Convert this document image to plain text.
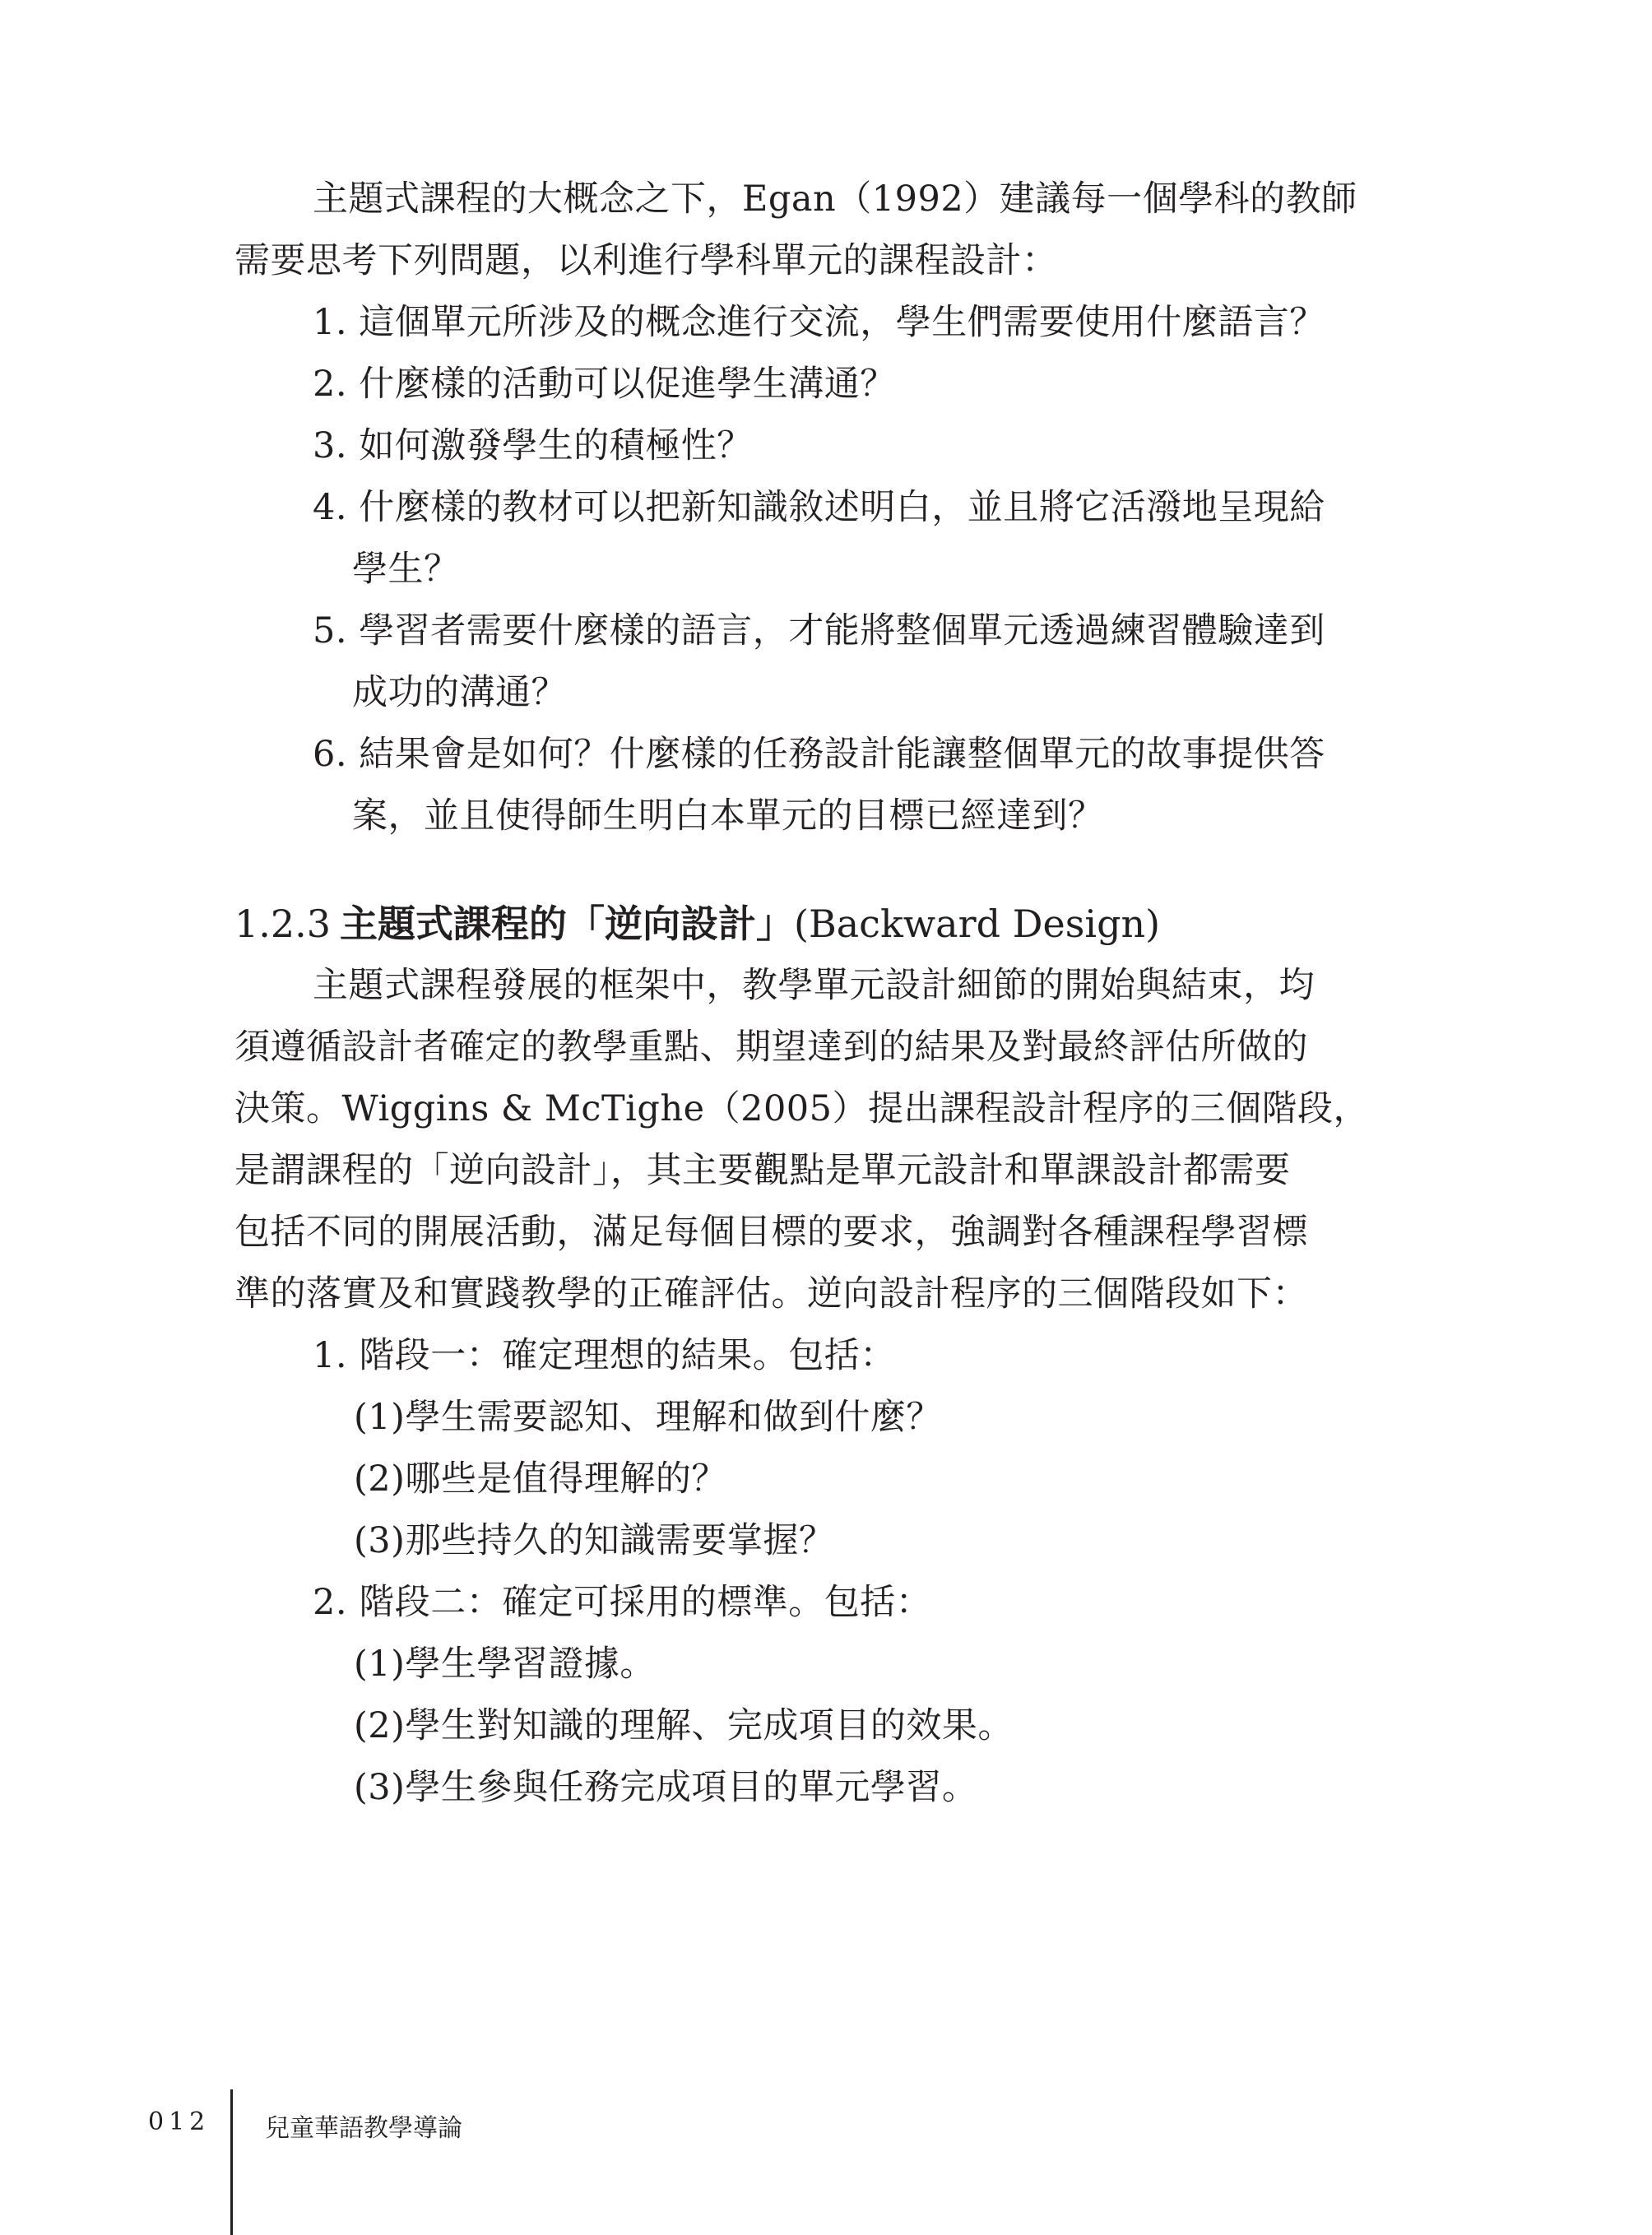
主題式課程的大概念之下，Egan（1992）建議每一個學科的教師
需要思考下列問題，以利進行學科單元的課程設計：
1. 這個單元所涉及的概念進行交流，學生們需要使用什麼語言？
2. 什麼樣的活動可以促進學生溝通？
3. 如何激發學生的積極性？
4. 什麼樣的教材可以把新知識敘述明白，並且將它活潑地呈現給
學生？
5. 學習者需要什麼樣的語言，才能將整個單元透過練習體驗達到
成功的溝通？
6. 結果會是如何？什麼樣的任務設計能讓整個單元的故事提供答
案，並且使得師生明白本單元的目標已經達到？
1.2.3 主題式課程的「逆向設計」(Backward Design)
主題式課程發展的框架中，教學單元設計細節的開始與結束，均
須遵循設計者確定的教學重點、期望達到的結果及對最終評估所做的
決策。Wiggins & McTighe（2005）提出課程設計程序的三個階段，
是謂課程的「逆向設計」，其主要觀點是單元設計和單課設計都需要
包括不同的開展活動，滿足每個目標的要求，強調對各種課程學習標
準的落實及和實踐教學的正確評估。逆向設計程序的三個階段如下：
1. 階段一：確定理想的結果。包括：
(1)學生需要認知、理解和做到什麼？
(2)哪些是值得理解的？
(3)那些持久的知識需要掌握？
2. 階段二：確定可採用的標準。包括：
(1)學生學習證據。
(2)學生對知識的理解、完成項目的效果。
(3)學生參與任務完成項目的單元學習。
012 兒童華語教學導論
